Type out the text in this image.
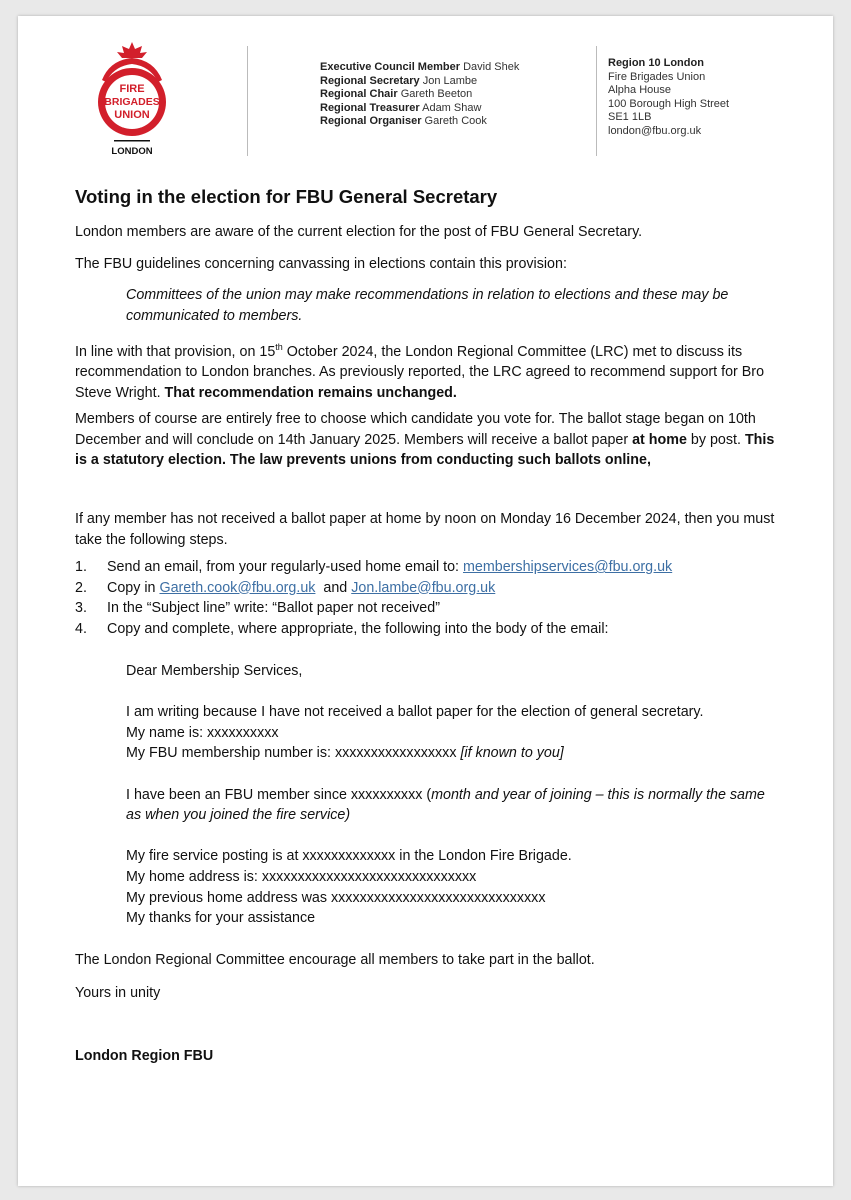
FIRE
BRIGADES
UNION
LONDON
Executive Council Member David Shek
Regional Secretary Jon Lambe
Regional Chair Gareth Beeton
Regional Treasurer Adam Shaw
Regional Organiser Gareth Cook
Region 10 London
Fire Brigades Union
Alpha House
100 Borough High Street
SE1 1LB
london@fbu.org.uk
Voting in the election for FBU General Secretary
London members are aware of the current election for the post of FBU General Secretary.
The FBU guidelines concerning canvassing in elections contain this provision:
Committees of the union may make recommendations in relation to elections and these may be communicated to members.
In line with that provision, on 15th October 2024, the London Regional Committee (LRC) met to discuss its recommendation to London branches. As previously reported, the LRC agreed to recommend support for Bro Steve Wright. That recommendation remains unchanged.
Members of course are entirely free to choose which candidate you vote for. The ballot stage began on 10th December and will conclude on 14th January 2025. Members will receive a ballot paper at home by post. This is a statutory election. The law prevents unions from conducting such ballots online,
If any member has not received a ballot paper at home by noon on Monday 16 December 2024, then you must take the following steps.
1.	Send an email, from your regularly-used home email to: membershipservices@fbu.org.uk
2.	Copy in Gareth.cook@fbu.org.uk  and Jon.lambe@fbu.org.uk
3.	In the “Subject line” write: “Ballot paper not received”
4.	Copy and complete, where appropriate, the following into the body of the email:
Dear Membership Services,
I am writing because I have not received a ballot paper for the election of general secretary.
My name is: xxxxxxxxxx
My FBU membership number is: xxxxxxxxxxxxxxxxx [if known to you]
I have been an FBU member since xxxxxxxxxx (month and year of joining – this is normally the same as when you joined the fire service)
My fire service posting is at xxxxxxxxxxxxx in the London Fire Brigade.
My home address is: xxxxxxxxxxxxxxxxxxxxxxxxxxxxxx
My previous home address was xxxxxxxxxxxxxxxxxxxxxxxxxxxxxx
My thanks for your assistance
The London Regional Committee encourage all members to take part in the ballot.
Yours in unity
London Region FBU
